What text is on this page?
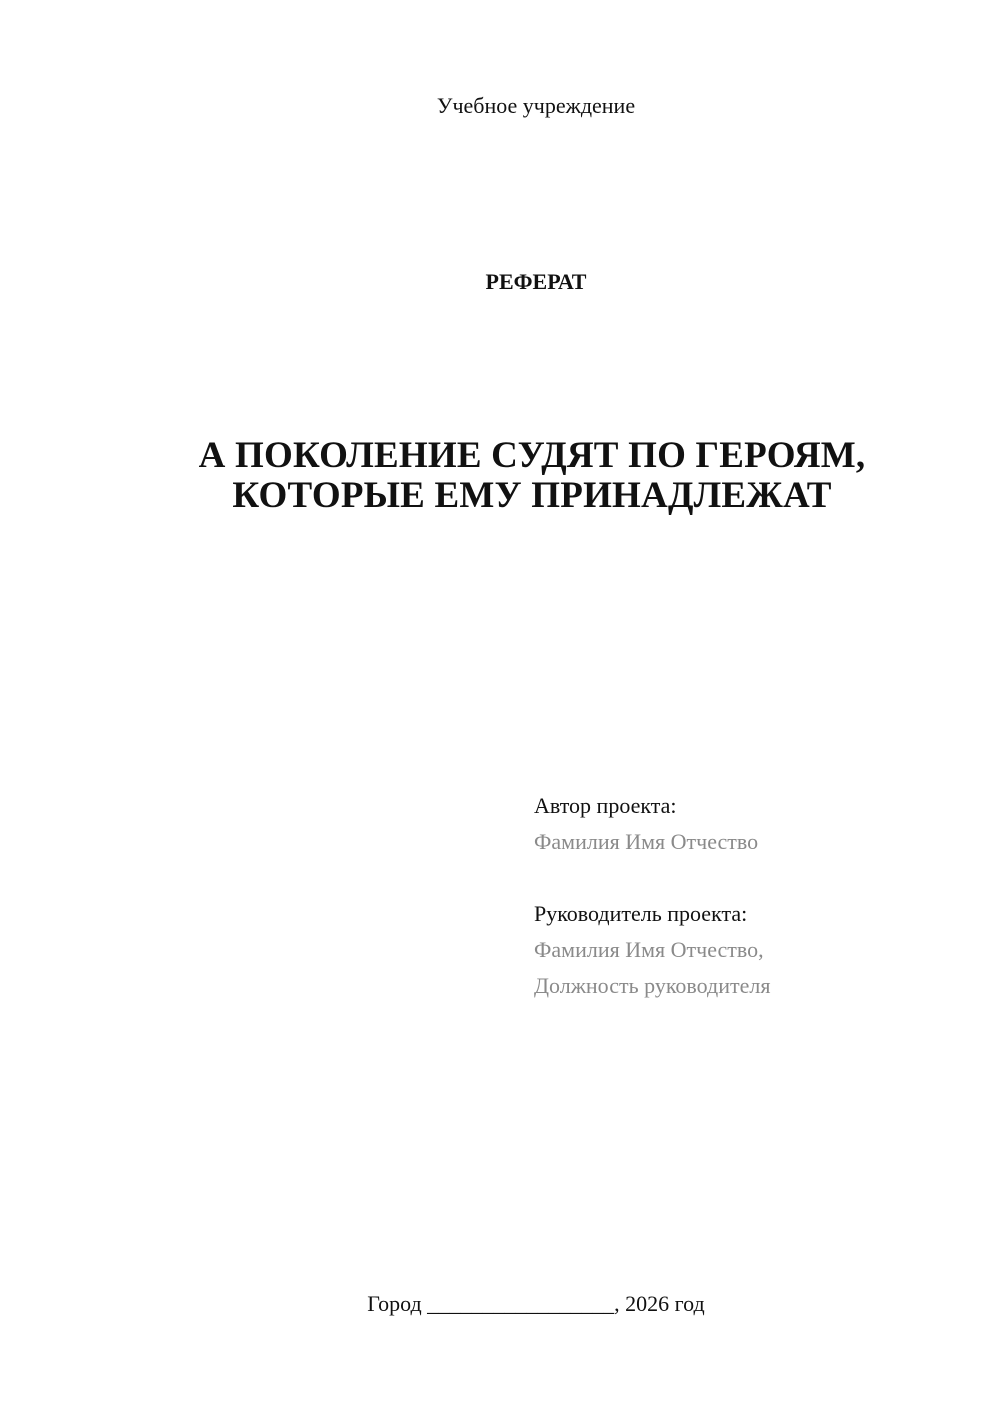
Учебное учреждение
РЕФЕРАТ
А ПОКОЛЕНИЕ СУДЯТ ПО ГЕРОЯМ,
КОТОРЫЕ ЕМУ ПРИНАДЛЕЖАТ
Автор проекта:
Фамилия Имя Отчество
Руководитель проекта:
Фамилия Имя Отчество,
Должность руководителя
Город _________________, 2026 год
